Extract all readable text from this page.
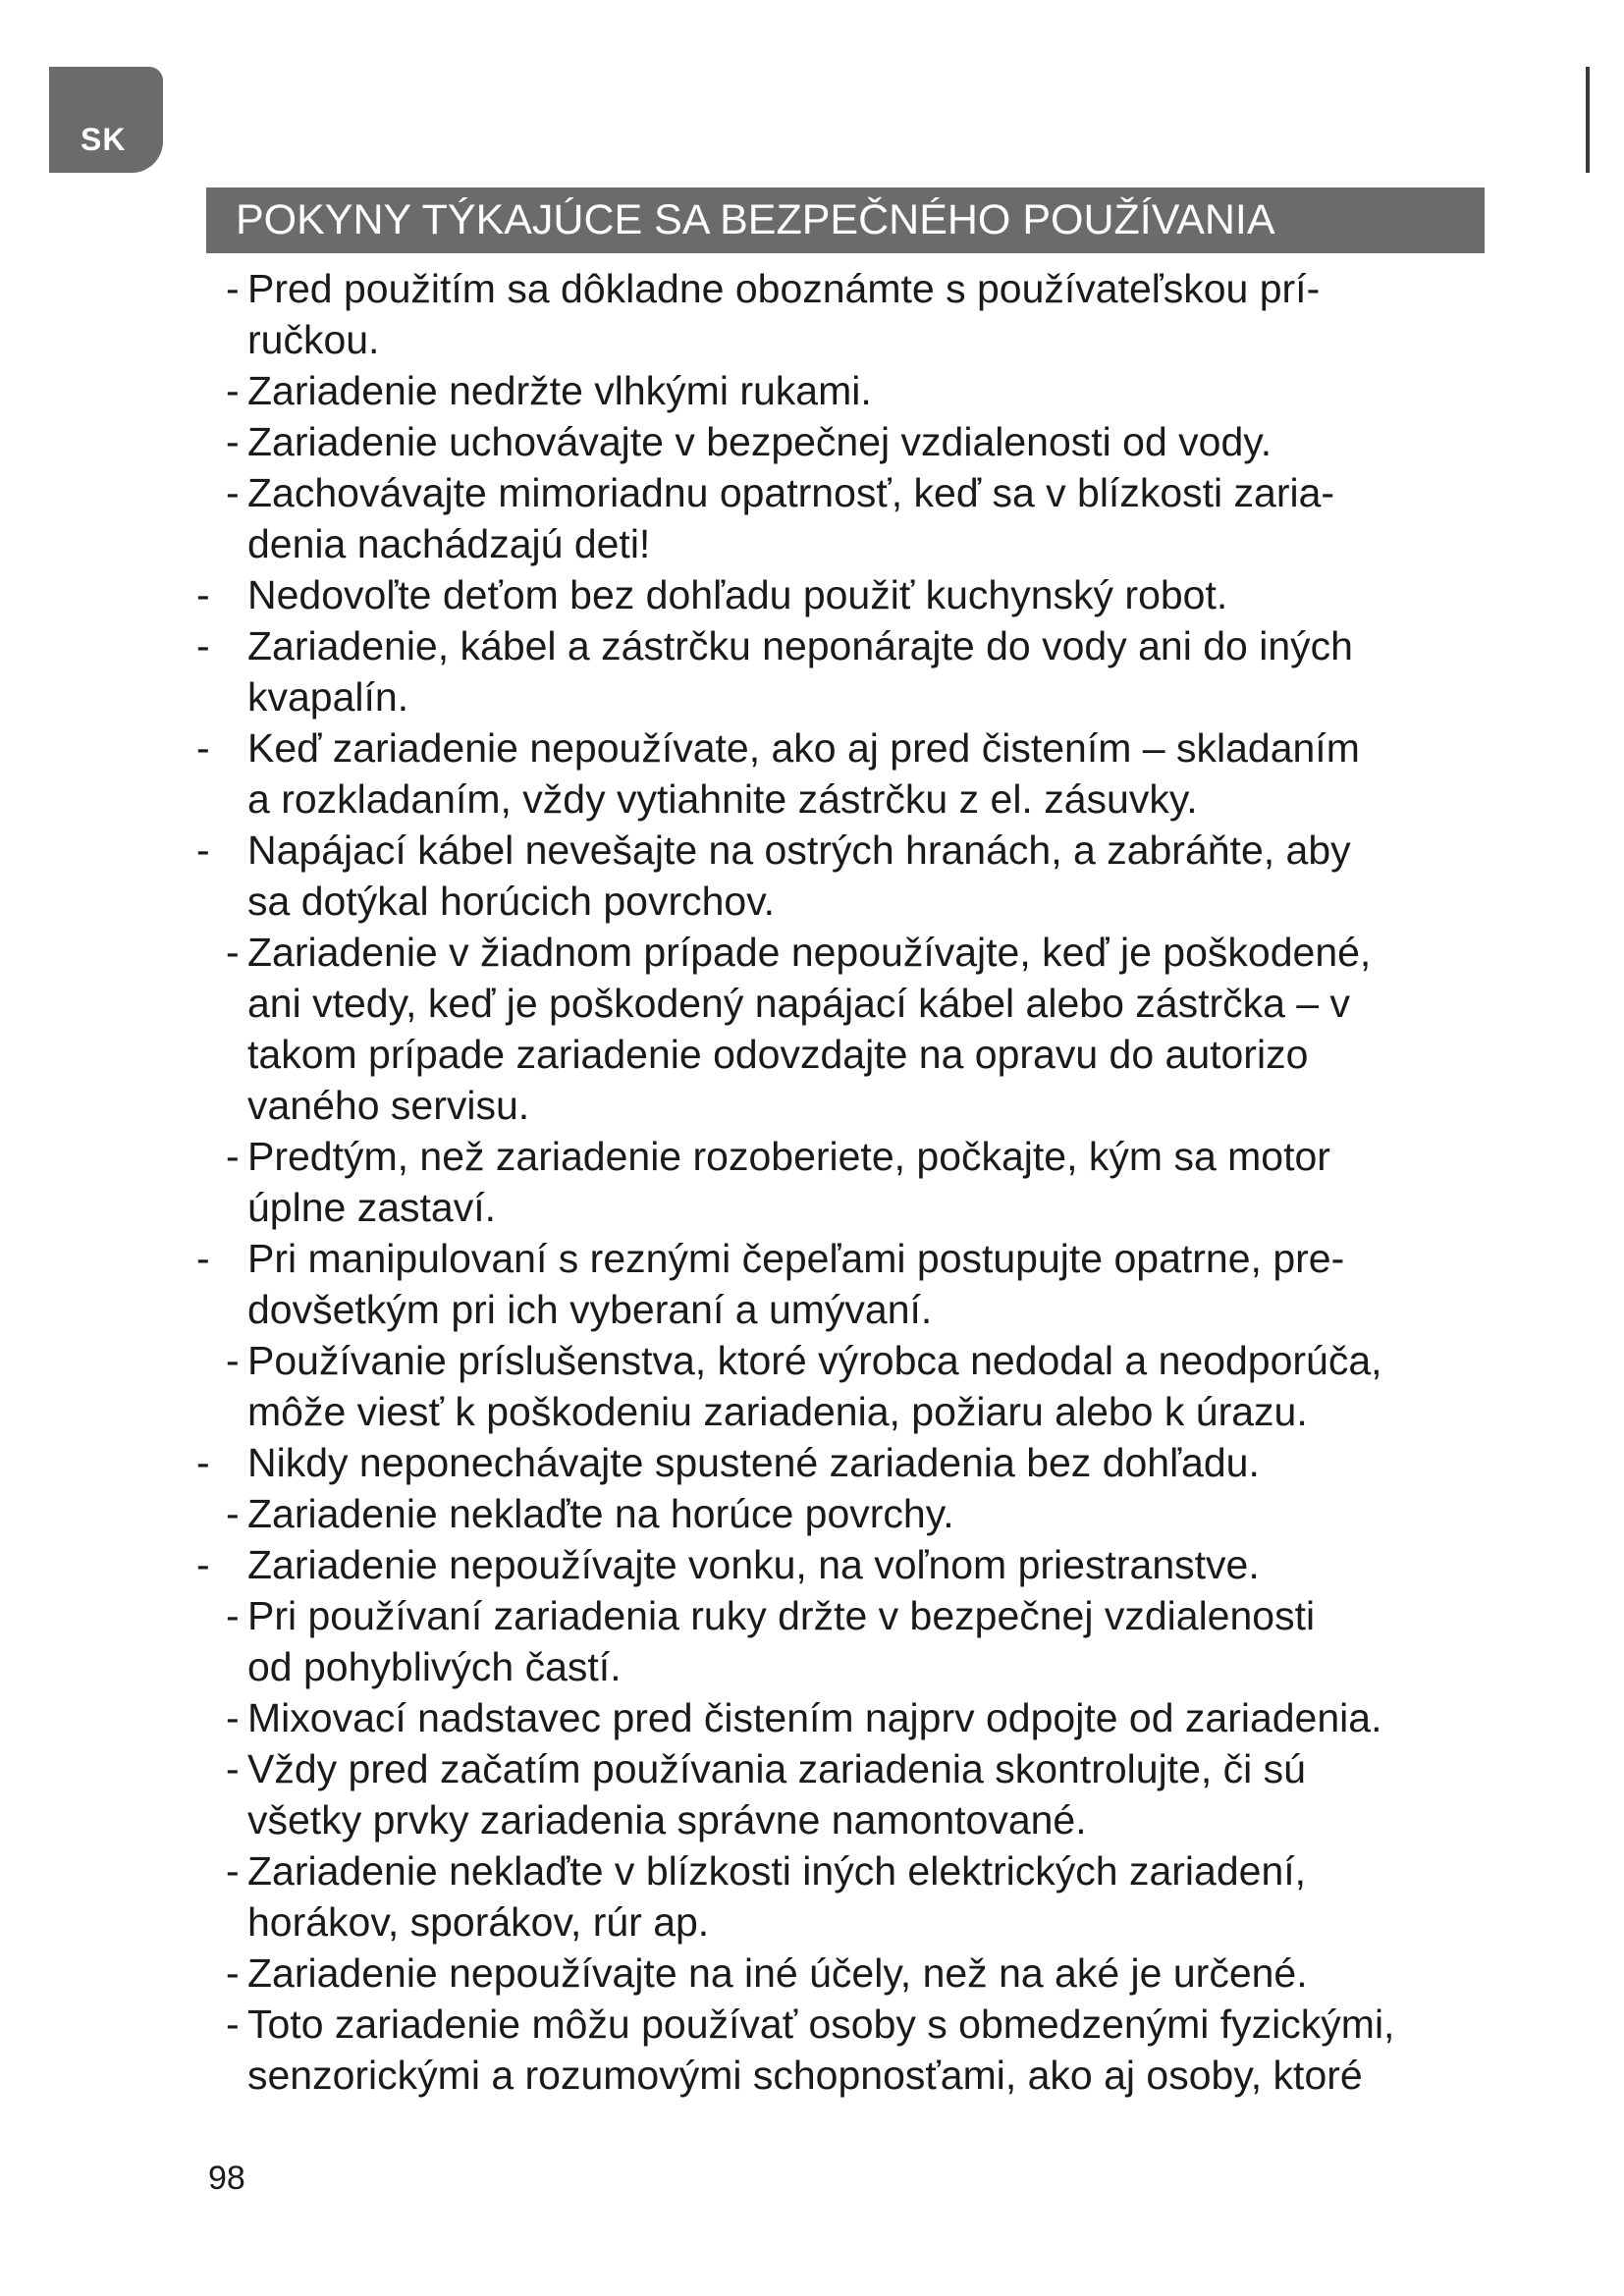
SK
POKYNY TÝKAJÚCE SA BEZPEČNÉHO POUŽÍVANIA
- Pred použitím sa dôkladne oboznámte s používateľskou prí-
ručkou.
- Zariadenie nedržte vlhkými rukami.
- Zariadenie uchovávajte v bezpečnej vzdialenosti od vody.
- Zachovávajte mimoriadnu opatrnosť, keď sa v blízkosti zaria-
denia nachádzajú deti!
- Nedovoľte deťom bez dohľadu použiť kuchynský robot.
- Zariadenie, kábel a zástrčku neponárajte do vody ani do iných
kvapalín.
- Keď zariadenie nepoužívate, ako aj pred čistením – skladaním
a rozkladaním, vždy vytiahnite zástrčku z el. zásuvky.
- Napájací kábel nevešajte na ostrých hranách, a zabráňte, aby
sa dotýkal horúcich povrchov.
- Zariadenie v žiadnom prípade nepoužívajte, keď je poškodené,
ani vtedy, keď je poškodený napájací kábel alebo zástrčka – v
takom prípade zariadenie odovzdajte na opravu do autorizo
vaného servisu.
- Predtým, než zariadenie rozoberiete, počkajte, kým sa motor
úplne zastaví.
- Pri manipulovaní s reznými čepeľami postupujte opatrne, pre-
dovšetkým pri ich vyberaní a umývaní.
- Používanie príslušenstva, ktoré výrobca nedodal a neodporúča,
môže viesť k poškodeniu zariadenia, požiaru alebo k úrazu.
- Nikdy neponechávajte spustené zariadenia bez dohľadu.
- Zariadenie neklaďte na horúce povrchy.
- Zariadenie nepoužívajte vonku, na voľnom priestranstve.
- Pri používaní zariadenia ruky držte v bezpečnej vzdialenosti
od pohyblivých častí.
- Mixovací nadstavec pred čistením najprv odpojte od zariadenia.
- Vždy pred začatím používania zariadenia skontrolujte, či sú
všetky prvky zariadenia správne namontované.
- Zariadenie neklaďte v blízkosti iných elektrických zariadení,
horákov, sporákov, rúr ap.
- Zariadenie nepoužívajte na iné účely, než na aké je určené.
- Toto zariadenie môžu používať osoby s obmedzenými fyzickými,
senzorickými a rozumovými schopnosťami, ako aj osoby, ktoré
98
